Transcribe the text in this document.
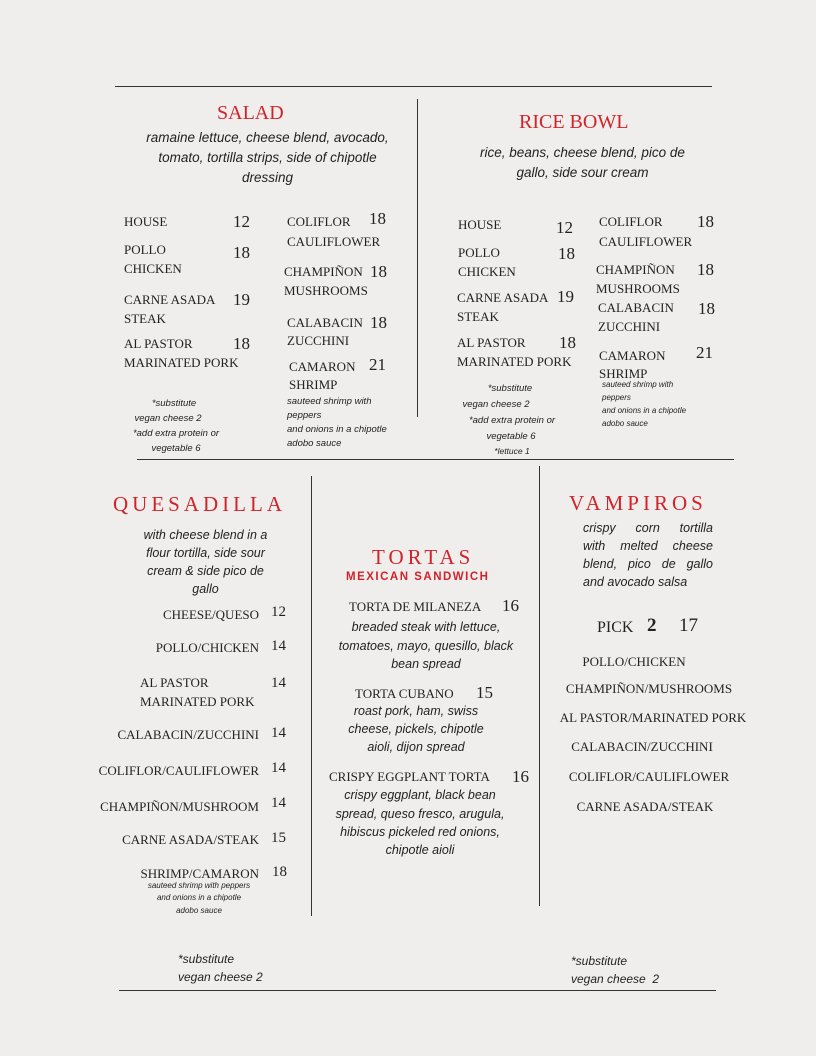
SALAD
ramaine lettuce, cheese blend, avocado, tomato, tortilla strips, side of chipotle dressing
HOUSE	12
POLLO
CHICKEN
18
CARNE ASADA
STEAK
19
AL PASTOR
MARINATED PORK
18
COLIFLOR
CAULIFLOWER
18
CHAMPIÑON
MUSHROOMS
18
CALABACIN
ZUCCHINI
18
CAMARON
SHRIMP
21
sauteed shrimp with
peppers
and onions in a chipotle
adobo sauce
*substitute
vegan cheese 2
*add extra protein or
vegetable 6
RICE BOWL
rice, beans, cheese blend, pico de gallo, side sour cream
HOUSE	12
POLLO
CHICKEN
18
CARNE ASADA
STEAK
19
AL PASTOR
MARINATED PORK
18
COLIFLOR
CAULIFLOWER
18
CHAMPIÑON
MUSHROOMS
18
CALABACIN
ZUCCHINI
18
CAMARON
SHRIMP
21
sauteed shrimp with
peppers
and onions in a chipotle
adobo sauce
*substitute
vegan cheese 2
*add extra protein or
vegetable 6
*lettuce 1
QUESADILLA
with cheese blend in a flour tortilla, side sour cream & side pico de gallo
CHEESE/QUESO 12
POLLO/CHICKEN 14
AL PASTOR
MARINATED PORK
14
CALABACIN/ZUCCHINI 14
COLIFLOR/CAULIFLOWER 14
CHAMPIÑON/MUSHROOM 14
CARNE ASADA/STEAK 15
SHRIMP/CAMARON 18
sauteed shrimp with peppers
and onions in a chipotle
adobo sauce
*substitute
vegan cheese 2
TORTAS
MEXICAN SANDWICH
TORTA DE MILANEZA 16
breaded steak with lettuce,
tomatoes, mayo, quesillo, black
bean spread
TORTA CUBANO 15
roast pork, ham, swiss
cheese, pickels, chipotle
aioli, dijon spread
CRISPY EGGPLANT TORTA 16
crispy eggplant, black bean
spread, queso fresco, arugula,
hibiscus pickeled red onions,
chipotle aioli
VAMPIROS
crispy corn tortilla
with melted cheese
blend, pico de gallo
and avocado salsa
PICK 2 17
POLLO/CHICKEN
CHAMPIÑON/MUSHROOMS
AL PASTOR/MARINATED PORK
CALABACIN/ZUCCHINI
COLIFLOR/CAULIFLOWER
CARNE ASADA/STEAK
*substitute
vegan cheese  2
